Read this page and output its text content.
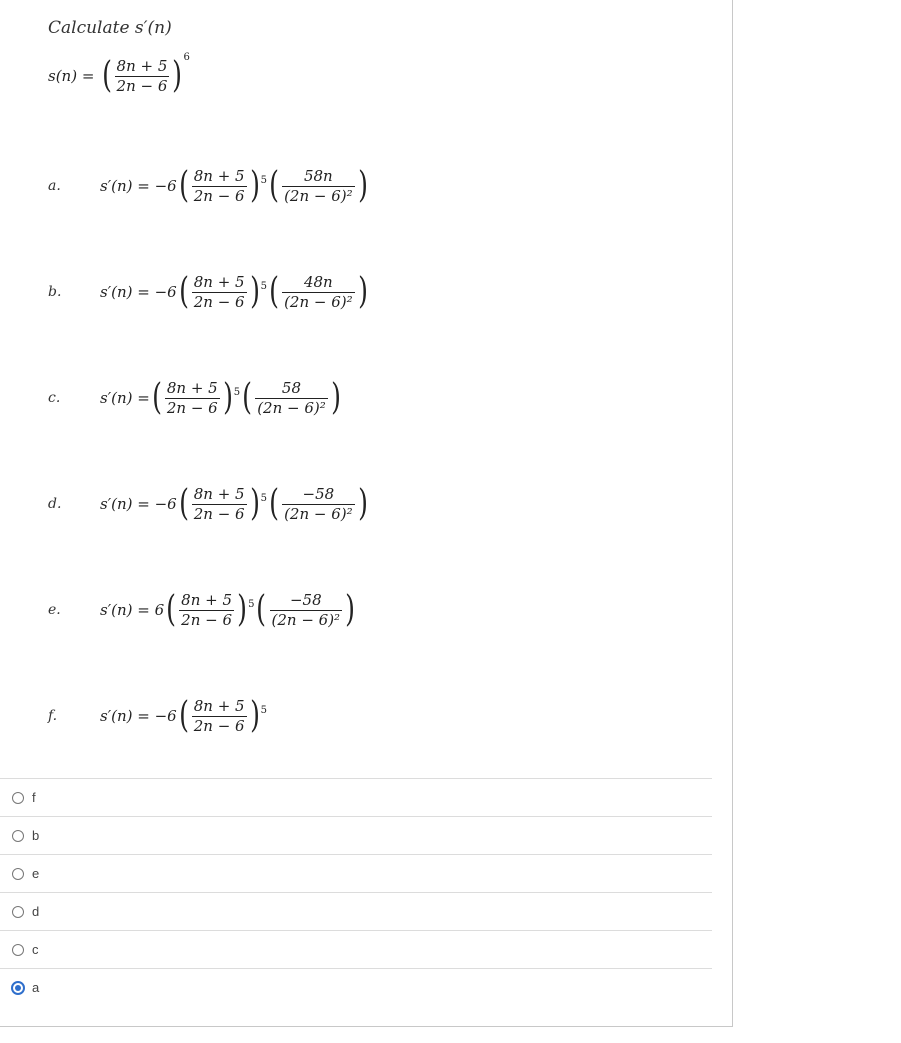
Calculate s′(n)
s(n) = ( $\frac{8n + 5}{2n - 6} )^6$
a.	s′(n) = −6 ( $\frac{8n + 5}{2n - 6}$ ) 5 ( $\frac{58n}{\text{(2n − 6)²}}$ )
b.	s′(n) = −6 ( $\frac{8n + 5}{2n - 6}$ ) 5 ( $\frac{48n}{\text{(2n − 6)²}}$ )
c.	s′(n) = ( $\frac{8n + 5}{2n - 6}$ ) 5 ( $\frac{58}{\text{(2n − 6)²}}$ )
d.	s′(n) = −6 ( $\frac{8n + 5}{2n - 6}$ ) 5 ( $\frac{-58}{\text{(2n − 6)²}}$ )
e.	s′(n) = 6 ( $\frac{8n + 5}{2n - 6}$ ) 5 ( $\frac{-58}{\text{(2n − 6)²}}$ )
f.	s′(n) = −6 ( $\frac{8n + 5}{2n - 6}$ ) 5
f
b
e
d
c
a
